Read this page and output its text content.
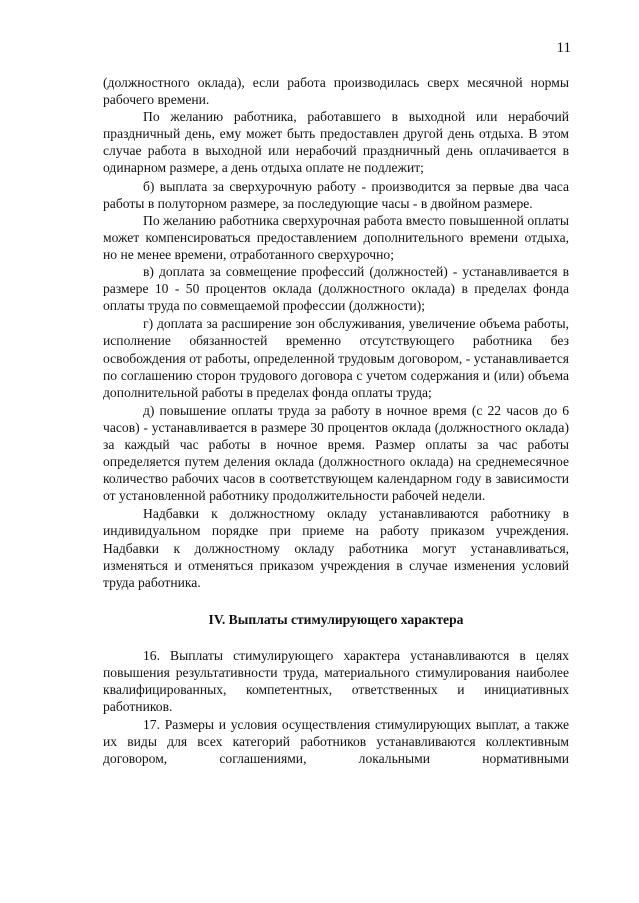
11

(должностного оклада), если работа производилась сверх месячной нормы рабочего времени.

По желанию работника, работавшего в выходной или нерабочий праздничный день, ему может быть предоставлен другой день отдыха. В этом случае работа в выходной или нерабочий праздничный день оплачивается в одинарном размере, а день отдыха оплате не подлежит;

б) выплата за сверхурочную работу - производится за первые два часа работы в полуторном размере, за последующие часы - в двойном размере.

По желанию работника сверхурочная работа вместо повышенной оплаты может компенсироваться предоставлением дополнительного времени отдыха, но не менее времени, отработанного сверхурочно;

в) доплата за совмещение профессий (должностей) - устанавливается в размере 10 - 50 процентов оклада (должностного оклада) в пределах фонда оплаты труда по совмещаемой профессии (должности);

г) доплата за расширение зон обслуживания, увеличение объема работы, исполнение обязанностей временно отсутствующего работника без освобождения от работы, определенной трудовым договором, - устанавливается по соглашению сторон трудового договора с учетом содержания и (или) объема дополнительной работы в пределах фонда оплаты труда;

д) повышение оплаты труда за работу в ночное время (с 22 часов до 6 часов) - устанавливается в размере 30 процентов оклада (должностного оклада) за каждый час работы в ночное время. Размер оплаты за час работы определяется путем деления оклада (должностного оклада) на среднемесячное количество рабочих часов в соответствующем календарном году в зависимости от установленной работнику продолжительности рабочей недели.

Надбавки к должностному окладу устанавливаются работнику в индивидуальном порядке при приеме на работу приказом учреждения. Надбавки к должностному окладу работника могут устанавливаться, изменяться и отменяться приказом учреждения в случае изменения условий труда работника.

IV. Выплаты стимулирующего характера

16. Выплаты стимулирующего характера устанавливаются в целях повышения результативности труда, материального стимулирования наиболее квалифицированных, компетентных, ответственных и инициативных работников.

17. Размеры и условия осуществления стимулирующих выплат, а также их виды для всех категорий работников устанавливаются коллективным договором, соглашениями, локальными нормативными
